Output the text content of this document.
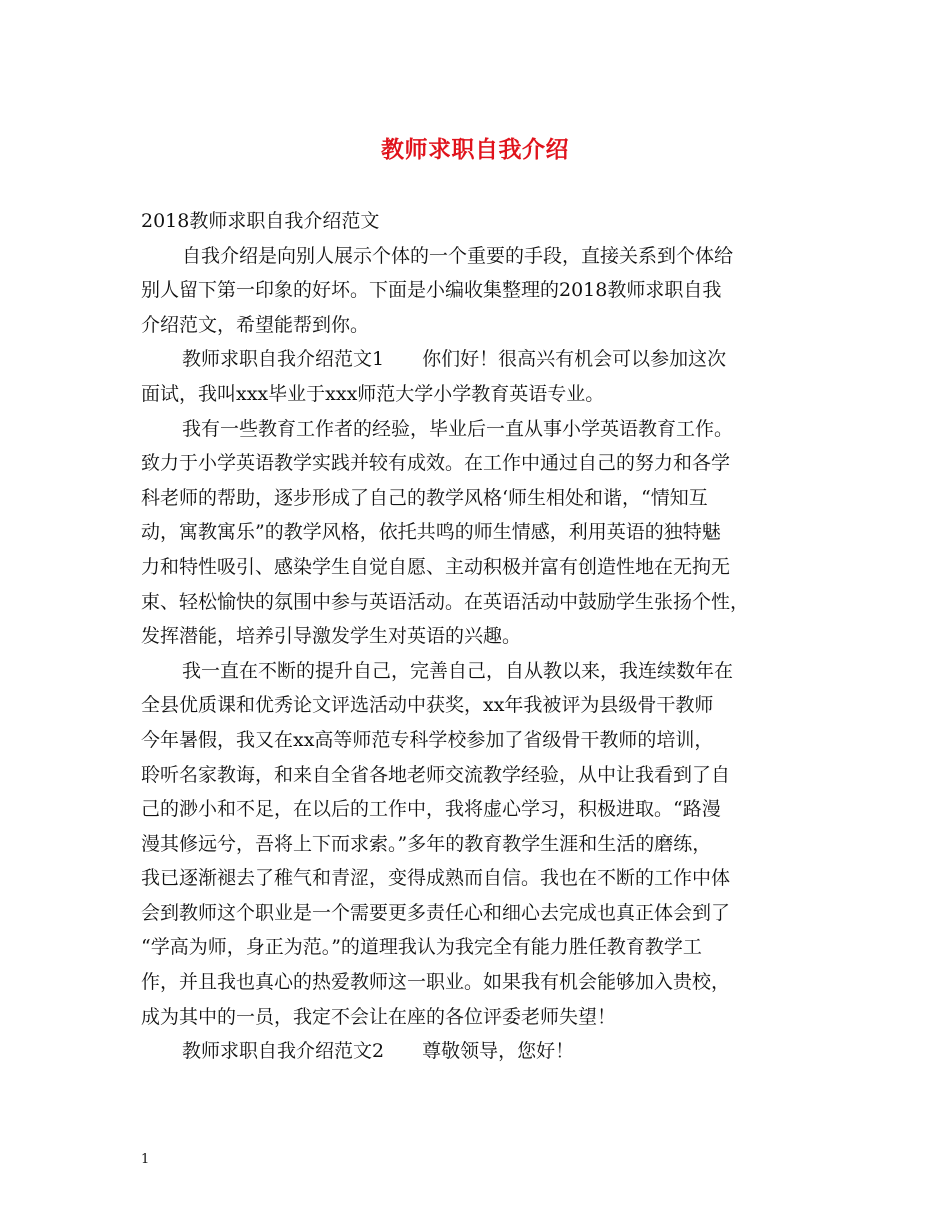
教师求职自我介绍
2018教师求职自我介绍范文
自我介绍是向别人展示个体的一个重要的手段，直接关系到个体给
别人留下第一印象的好坏。下面是小编收集整理的2018教师求职自我
介绍范文，希望能帮到你。
教师求职自我介绍范文1　　你们好！很高兴有机会可以参加这次
面试，我叫xxx毕业于xxx师范大学小学教育英语专业。
我有一些教育工作者的经验，毕业后一直从事小学英语教育工作。
致力于小学英语教学实践并较有成效。在工作中通过自己的努力和各学
科老师的帮助，逐步形成了自己的教学风格‘师生相处和谐，“情知互
动，寓教寓乐”的教学风格，依托共鸣的师生情感，利用英语的独特魅
力和特性吸引、感染学生自觉自愿、主动积极并富有创造性地在无拘无
束、轻松愉快的氛围中参与英语活动。在英语活动中鼓励学生张扬个性，
发挥潜能，培养引导激发学生对英语的兴趣。
我一直在不断的提升自己，完善自己，自从教以来，我连续数年在
全县优质课和优秀论文评选活动中获奖，xx年我被评为县级骨干教师
今年暑假，我又在xx高等师范专科学校参加了省级骨干教师的培训，
聆听名家教诲，和来自全省各地老师交流教学经验，从中让我看到了自
己的渺小和不足，在以后的工作中，我将虚心学习，积极进取。“路漫
漫其修远兮，吾将上下而求索。”多年的教育教学生涯和生活的磨练，
我已逐渐褪去了稚气和青涩，变得成熟而自信。我也在不断的工作中体
会到教师这个职业是一个需要更多责任心和细心去完成也真正体会到了
“学高为师，身正为范。”的道理我认为我完全有能力胜任教育教学工
作，并且我也真心的热爱教师这一职业。如果我有机会能够加入贵校，
成为其中的一员，我定不会让在座的各位评委老师失望！
教师求职自我介绍范文2　　尊敬领导，您好！
1
